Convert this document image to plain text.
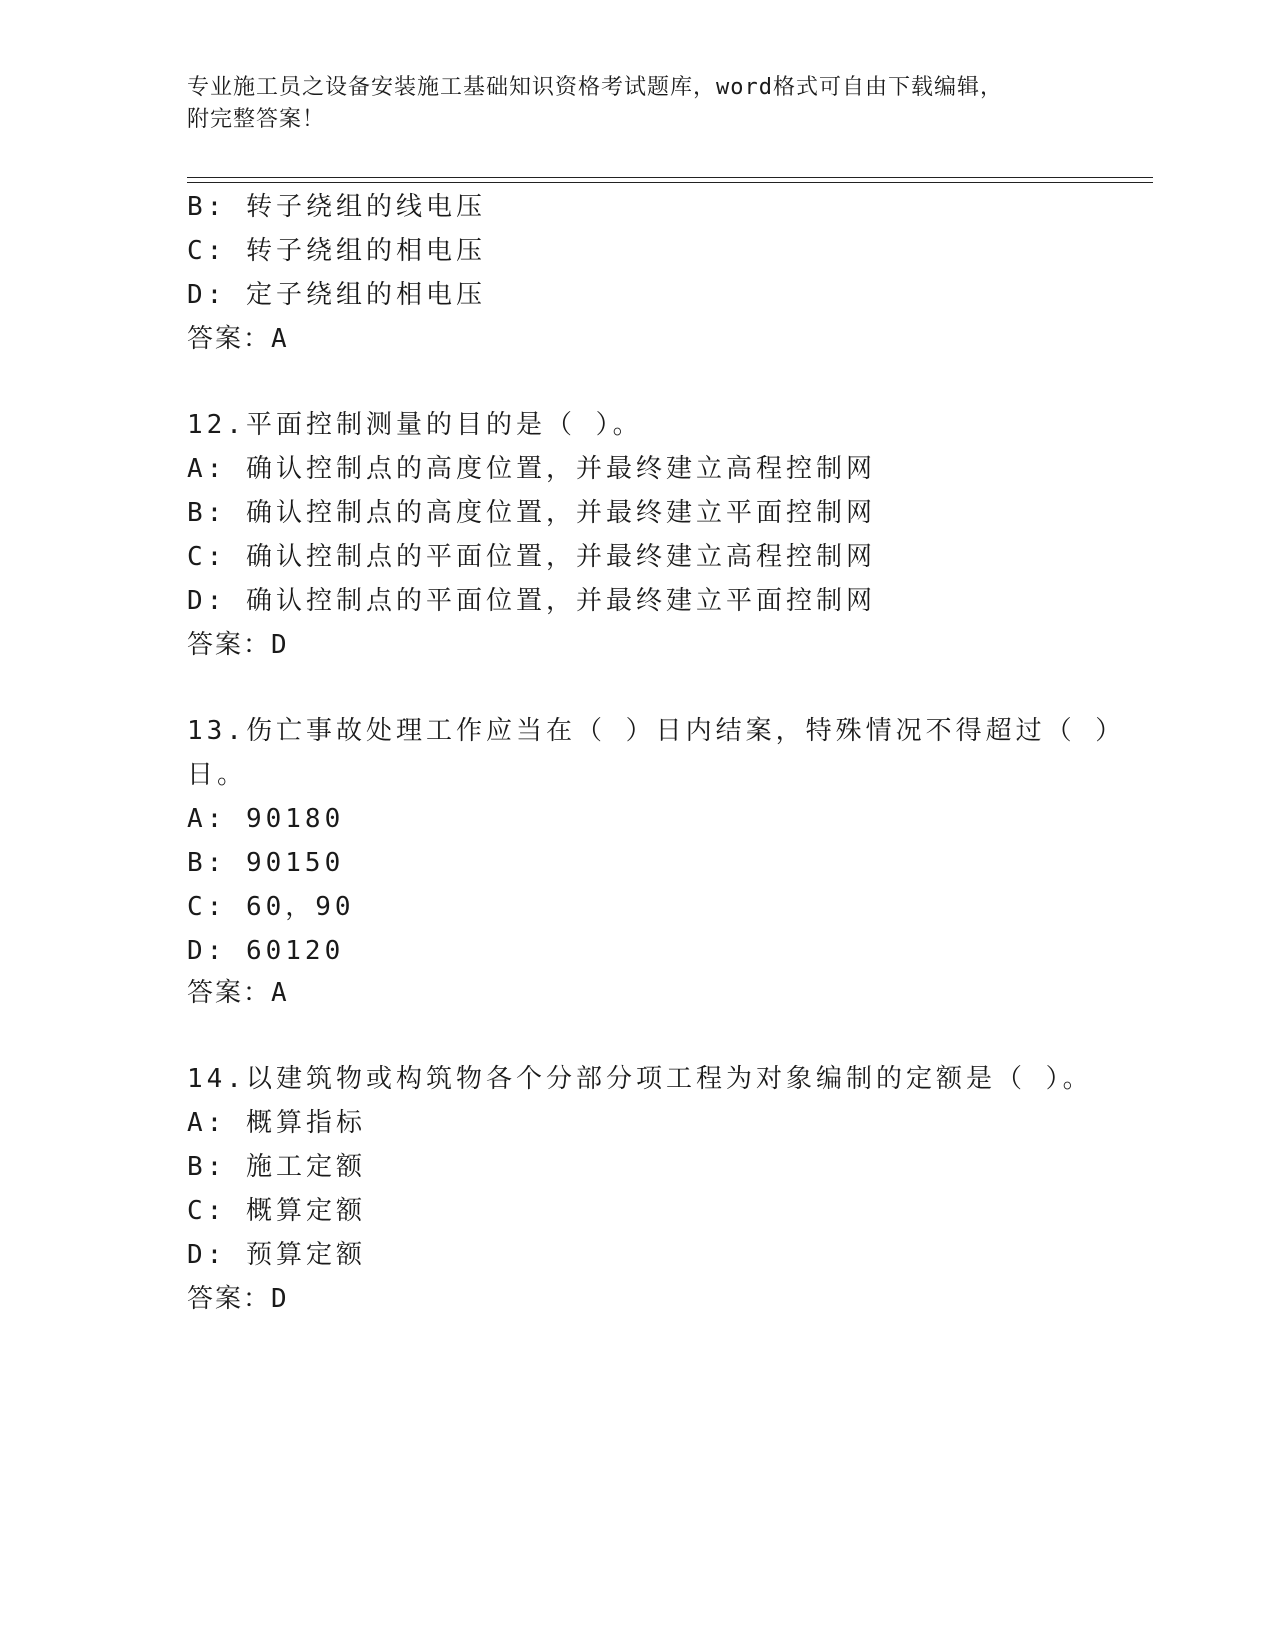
专业施工员之设备安装施工基础知识资格考试题库，word格式可自由下载编辑，
附完整答案！
B: 转子绕组的线电压
C: 转子绕组的相电压
D: 定子绕组的相电压
答案：A
12.平面控制测量的目的是（ ）。
A: 确认控制点的高度位置，并最终建立高程控制网
B: 确认控制点的高度位置，并最终建立平面控制网
C: 确认控制点的平面位置，并最终建立高程控制网
D: 确认控制点的平面位置，并最终建立平面控制网
答案：D
13.伤亡事故处理工作应当在（ ）日内结案，特殊情况不得超过（ ）
日。
A: 90180
B: 90150
C: 60，90
D: 60120
答案：A
14.以建筑物或构筑物各个分部分项工程为对象编制的定额是（ ）。
A: 概算指标
B: 施工定额
C: 概算定额
D: 预算定额
答案：D
